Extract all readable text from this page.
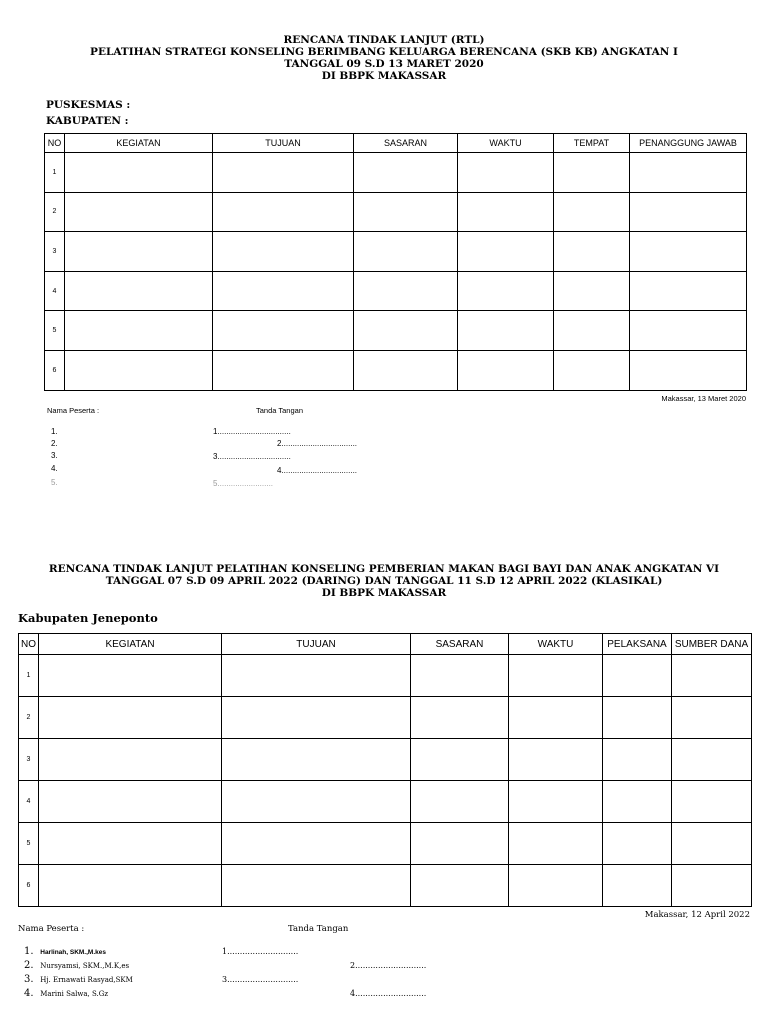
RENCANA TINDAK LANJUT (RTL)
PELATIHAN STRATEGI KONSELING BERIMBANG KELUARGA BERENCANA (SKB KB) ANGKATAN I
TANGGAL 09 S.D 13 MARET 2020
DI BBPK MAKASSAR
PUSKESMAS :
KABUPATEN :
NO	KEGIATAN	TUJUAN	SASARAN	WAKTU	TEMPAT	PENANGGUNG JAWAB
1						
2						
3						
4						
5						
6						
Makassar, 13 Maret 2020
Nama Peserta :	Tanda Tangan
1.
2.
3.
4.
5.
1.................................
2..................................
3.................................
4..................................
5.........................
RENCANA TINDAK LANJUT PELATIHAN KONSELING PEMBERIAN MAKAN BAGI BAYI DAN ANAK ANGKATAN VI
TANGGAL 07 S.D 09 APRIL 2022 (DARING) DAN TANGGAL 11 S.D 12 APRIL 2022 (KLASIKAL)
DI BBPK MAKASSAR
Kabupaten Jeneponto
NO	KEGIATAN	TUJUAN	SASARAN	WAKTU	PELAKSANA	SUMBER DANA
1						
2						
3						
4						
5						
6						
Makassar, 12 April 2022
Nama Peserta :	Tanda Tangan
1. Harlinah, SKM.,M.kes
2. Nursyamsi, SKM.,M.K,es
3. Hj. Ernawati Rasyad,SKM
4. Marini Salwa, S.Gz
1............................
2............................
3............................
4............................
